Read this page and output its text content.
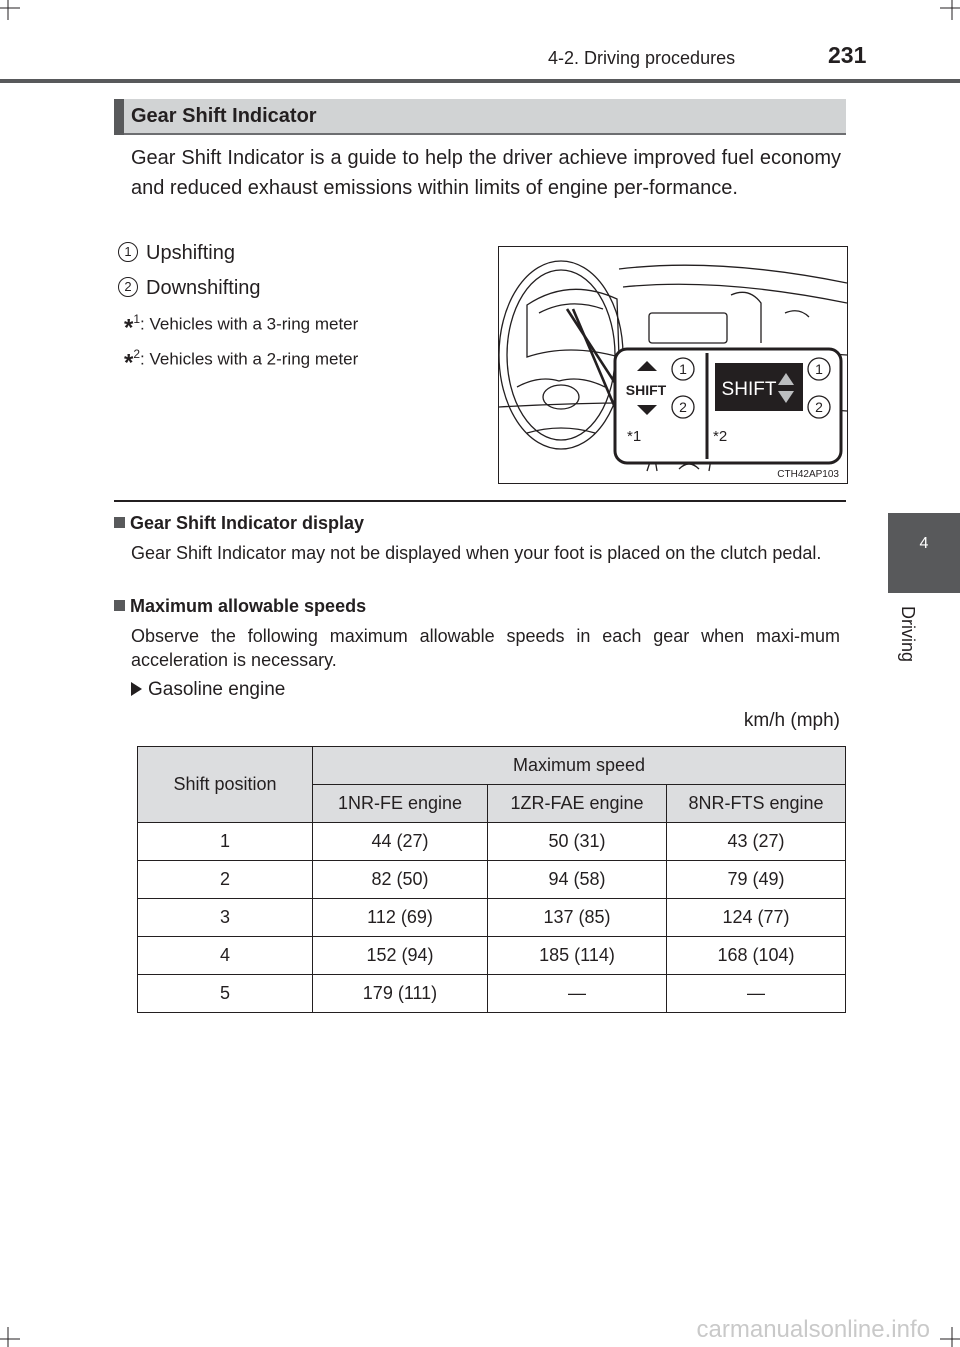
4-2. Driving procedures	231
4
Driving
Gear Shift Indicator
Gear Shift Indicator is a guide to help the driver achieve improved fuel economy and reduced exhaust emissions within limits of engine per-formance.
1 Upshifting
2 Downshifting
*$^1$: Vehicles with a 3-ring meter
*$^2$: Vehicles with a 2-ring meter
SHIFT
1
2
*1
SHIFT
1
2
*2
CTH42AP103
Gear Shift Indicator display
Gear Shift Indicator may not be displayed when your foot is placed on the clutch pedal.
Maximum allowable speeds
Observe the following maximum allowable speeds in each gear when maxi-mum acceleration is necessary.
Gasoline engine
km/h (mph)
Shift position	Maximum speed		
	1NR-FE engine	1ZR-FAE engine	8NR-FTS engine
1	44 (27)	50 (31)	43 (27)
2	82 (50)	94 (58)	79 (49)
3	112 (69)	137 (85)	124 (77)
4	152 (94)	185 (114)	168 (104)
5	179 (111)	—	—
carmanualsonline.info
